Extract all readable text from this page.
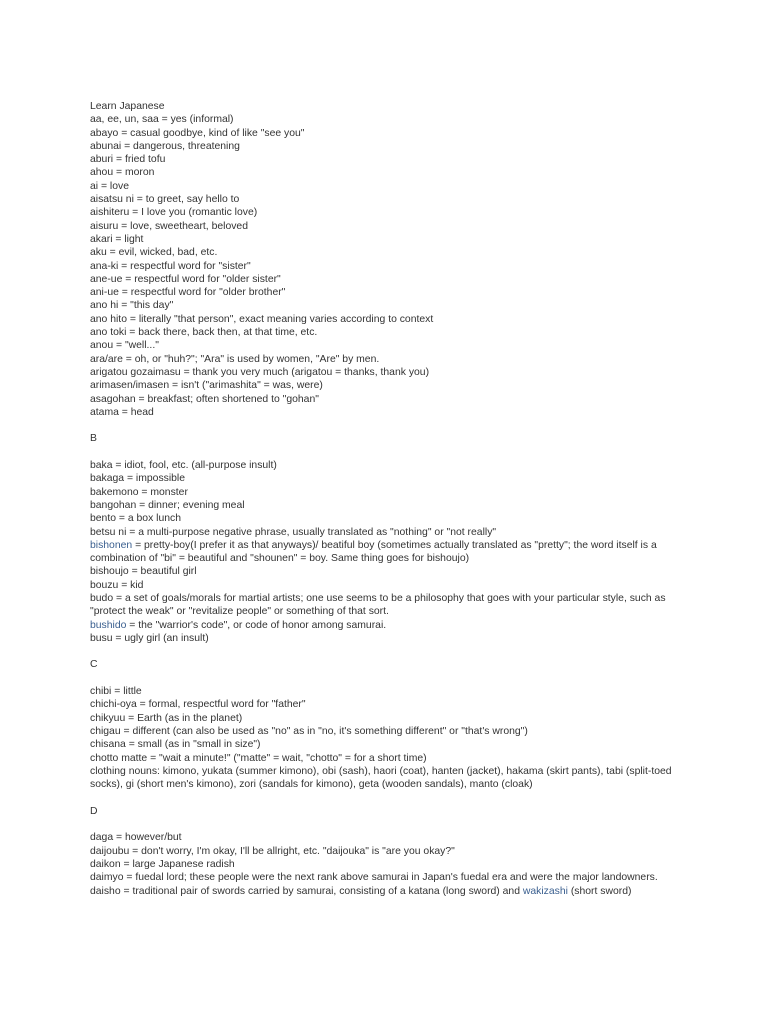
Learn Japanese
aa, ee, un, saa = yes (informal)
abayo = casual goodbye, kind of like "see you"
abunai = dangerous, threatening
aburi = fried tofu
ahou = moron
ai = love
aisatsu ni = to greet, say hello to
aishiteru = I love you (romantic love)
aisuru = love, sweetheart, beloved
akari = light
aku = evil, wicked, bad, etc.
ana-ki = respectful word for "sister"
ane-ue = respectful word for "older sister"
ani-ue = respectful word for "older brother"
ano hi = "this day"
ano hito = literally "that person", exact meaning varies according to context
ano toki = back there, back then, at that time, etc.
anou = "well..."
ara/are = oh, or "huh?"; "Ara" is used by women, "Are" by men.
arigatou gozaimasu = thank you very much (arigatou = thanks, thank you)
arimasen/imasen = isn't ("arimashita" = was, were)
asagohan = breakfast; often shortened to "gohan"
atama = head
B
baka = idiot, fool, etc. (all-purpose insult)
bakaga = impossible
bakemono = monster
bangohan = dinner; evening meal
bento = a box lunch
betsu ni = a multi-purpose negative phrase, usually translated as "nothing" or "not really"
bishonen = pretty-boy(I prefer it as that anyways)/ beatiful boy (sometimes actually translated as "pretty"; the word itself is a
combination of "bi" = beautiful and "shounen" = boy. Same thing goes for bishoujo)
bishoujo = beautiful girl
bouzu = kid
budo = a set of goals/morals for martial artists; one use seems to be a philosophy that goes with your particular style, such as
"protect the weak" or "revitalize people" or something of that sort.
bushido = the "warrior's code", or code of honor among samurai.
busu = ugly girl (an insult)
C
chibi = little
chichi-oya = formal, respectful word for "father"
chikyuu = Earth (as in the planet)
chigau = different (can also be used as "no" as in "no, it's something different" or "that's wrong")
chisana = small (as in "small in size")
chotto matte = "wait a minute!" ("matte" = wait, "chotto" = for a short time)
clothing nouns: kimono, yukata (summer kimono), obi (sash), haori (coat), hanten (jacket), hakama (skirt pants), tabi (split-toed
socks), gi (short men's kimono), zori (sandals for kimono), geta (wooden sandals), manto (cloak)
D
daga = however/but
daijoubu = don't worry, I'm okay, I'll be allright, etc. "daijouka" is "are you okay?"
daikon = large Japanese radish
daimyo = fuedal lord; these people were the next rank above samurai in Japan's fuedal era and were the major landowners.
daisho = traditional pair of swords carried by samurai, consisting of a katana (long sword) and wakizashi (short sword)
